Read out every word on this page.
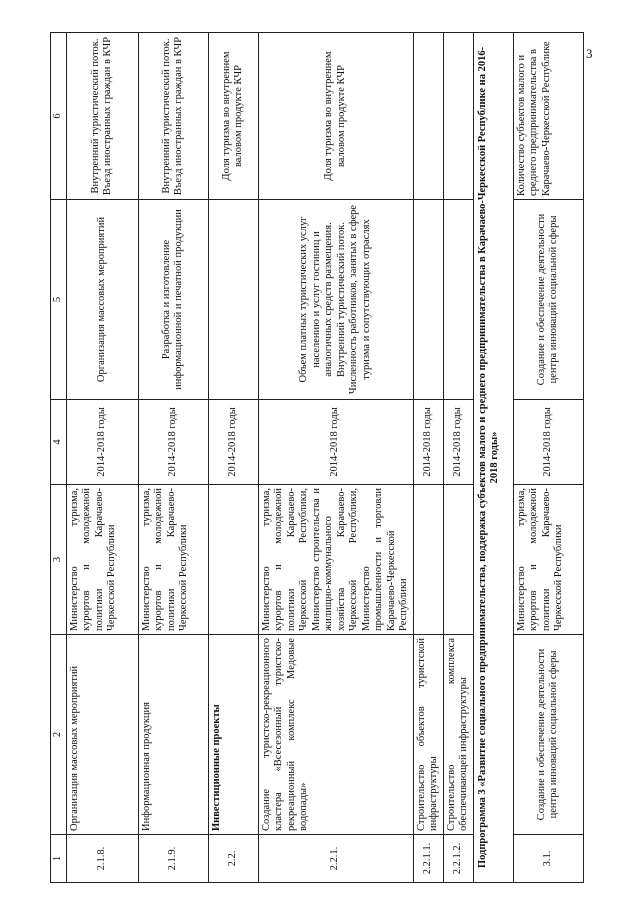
3
1	2	3	4	5	6
2.1.8.	Организация массовых мероприятий	Министерство туризма, курортов и молодежной политики Карачаево-Черкесской Республики	2014-2018 годы	Организация массовых мероприятий	Внутренний туристический поток. Въезд иностранных граждан в КЧР
2.1.9.	Информационная продукция	Министерство туризма, курортов и молодежной политики Карачаево-Черкесской Республики	2014-2018 годы	Разработка и изготовление информационной и печатной продукции	Внутренний туристический поток. Въезд иностранных граждан в КЧР
2.2.	Инвестиционные проекты		2014-2018 годы		Доля туризма во внутреннем валовом продукте КЧР
2.2.1.	Создание туристско-рекреационного кластера «Всесезонный туристско-рекреационный комплекс Медовые водопады»	Министерство туризма, курортов и молодежной политики Карачаево-Черкесской Республики, Министерство строительства и жилищно-коммунального хозяйства Карачаево-Черкесской Республики, Министерство промышленности и торговли Карачаево-Черкесской Республики	2014-2018 годы	Объем платных туристических услуг населению и услуг гостиниц и аналогичных средств размещения. Внутренний туристический поток. Численность работников, занятых в сфере туризма и сопутствующих отраслях	Доля туризма во внутреннем валовом продукте КЧР
2.2.1.1.	Строительство объектов туристской инфраструктуры		2014-2018 годы		
2.2.1.2.	Строительство комплекса обеспечивающей инфраструктуры		2014-2018 годы		
Подпрограмма 3 «Развитие социального предпринимательства, поддержка субъектов малого и среднего предпринимательства в Карачаево-Черкесской Республике на 2016-2018 годы»					
3.1.	Создание и обеспечение деятельности центра инноваций социальной сферы	Министерство туризма, курортов и молодежной политики Карачаево-Черкесской Республики	2014-2018 годы	Создание и обеспечение деятельности центра инноваций социальной сферы	Количество субъектов малого и среднего предпринимательства в Карачаево-Черкесской Республике
